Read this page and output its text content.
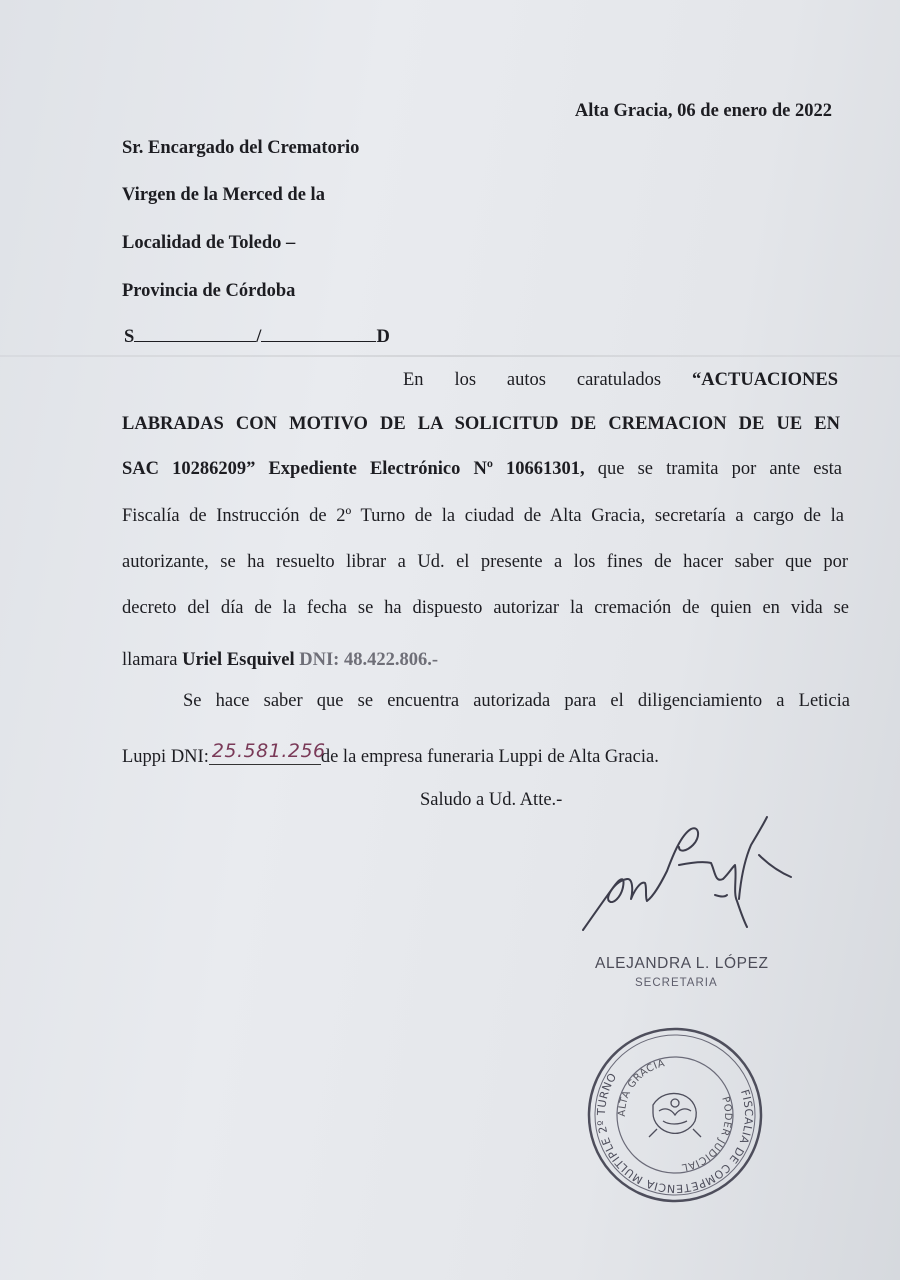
Alta Gracia, 06 de enero de 2022
Sr. Encargado del Crematorio
Virgen de la Merced de la
Localidad de Toledo –
Provincia de Córdoba
S	/	D
En los autos caratulados “ACTUACIONES
LABRADAS CON MOTIVO DE LA SOLICITUD DE CREMACION DE UE EN
SAC 10286209” Expediente Electrónico Nº 10661301, que se tramita por ante esta
Fiscalía de Instrucción de 2º Turno de la ciudad de Alta Gracia, secretaría a cargo de la
autorizante, se ha resuelto librar a Ud. el presente a los fines de hacer saber que por
decreto del día de la fecha se ha dispuesto autorizar la cremación de quien en vida se
llamara Uriel Esquivel DNI: 48.422.806.-
Se hace saber que se encuentra autorizada para el diligenciamiento a Leticia
Luppi DNI: 25.581.256
de la empresa funeraria Luppi de Alta Gracia.
Saludo a Ud. Atte.-
ALEJANDRA L. LÓPEZ
SECRETARIA
FISCALIA DE COMPETENCIA MULTIPLE 2º TURNO
PODER JUDICIAL
ALTA GRACIA
